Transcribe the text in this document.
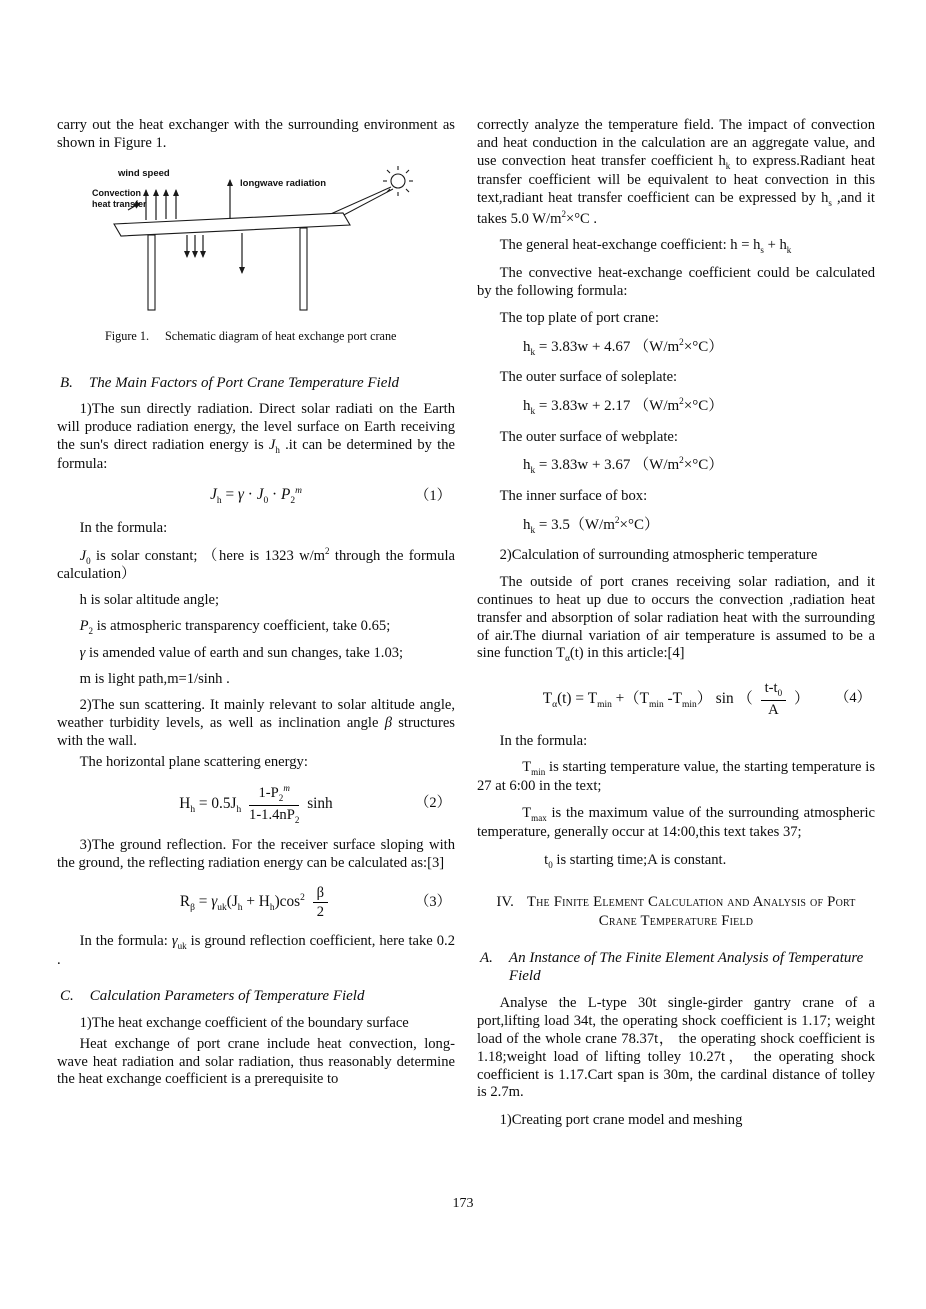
carry out the heat exchanger with the surrounding environment as shown in Figure 1.

wind speed
longwave radiation
Convection
heat transfer
Figure 1. Schematic diagram of heat exchange port crane
B. The Main Factors of Port Crane Temperature Field

1)The sun directly radiation. Direct solar radiati on the Earth will produce radiation energy, the level surface on Earth receiving the sun's direct radiation energy is $J_h$ .it can be determined by the formula:

$J_h = \gamma \cdot J_0 \cdot P_2^m$	（1）

In the formula:

$J_0$ is solar constant; （here is 1323 $w/m^2$ through the formula calculation）

h is solar altitude angle;

$P_2$ is atmospheric transparency coefficient, take 0.65;

γ is amended value of earth and sun changes, take 1.03;

m is light path,m=1/sinh .

2)The sun scattering. It mainly relevant to solar altitude angle, weather turbidity levels, as well as inclination angle β structures with the wall.

The horizontal plane scattering energy:

$H_h = 0.5J_h \frac{1-P_2^m}{1-1.4nP_2}$ sinh	（2）

3)The ground reflection. For the receiver surface sloping with the ground, the reflecting radiation energy can be calculated as:[3]

$R_\beta = \gamma_{uk}(J_h + H_h)\cos^2 \frac{\beta}{2}$	（3）

In the formula: $\gamma_{uk}$ is ground reflection coefficient, here take 0.2 .

C. Calculation Parameters of Temperature Field

1)The heat exchange coefficient of the boundary surface

Heat exchange of port crane include heat convection, long-wave heat radiation and solar radiation, thus reasonably determine the heat exchange coefficient is a prerequisite to

correctly analyze the temperature field. The impact of convection and heat conduction in the calculation are an aggregate value, and use convection heat transfer coefficient $h_k$ to express.Radiant heat transfer coefficient will be equivalent to heat convection in this text,radiant heat transfer coefficient can be expressed by $h_s$ ,and it takes 5.0 $W/m^2\times^\circ C$ .

The general heat-exchange coefficient: $h = h_s + h_k$

The convective heat-exchange coefficient could be calculated by the following formula:

The top plate of port crane:

$h_k = 3.83w + 4.67$ $(W/m^2\times^\circ C)$

The outer surface of soleplate:

$h_k = 3.83w + 2.17$ $(W/m^2\times^\circ C)$

The outer surface of webplate:

$h_k = 3.83w + 3.67$ $(W/m^2\times^\circ C)$

The inner surface of box:

$h_k = 3.5(W/m^2\times^\circ C)$

2)Calculation of surrounding atmospheric temperature

The outside of port cranes receiving solar radiation, and it continues to heat up due to occurs the convection ,radiation heat transfer and absorption of solar radiation heat with the surrounding of air.The diurnal variation of air temperature is assumed to be a sine function $T_\alpha(t)$ in this article:[4]

$T_\alpha(t) = T_{min} +(T_{min}$ $-T_{min}$） sin （ $\frac{t-t_0}{A}$ ） （4）

In the formula:

$T_{min}$ is starting temperature value, the starting temperature is 27 at 6:00 in the text;

$T_{max}$ is the maximum value of the surrounding atmospheric temperature, generally occur at 14:00,this text takes 37;

$t_0$ is starting time;A is constant.

IV. The Finite Element Calculation and Analysis of Port Crane Temperature Field
A. An Instance of The Finite Element Analysis of Temperature Field

Analyse the L-type 30t single-girder gantry crane of a port,lifting load 34t, the operating shock coefficient is 1.17; weight load of the whole crane 78.37t， the operating shock coefficient is 1.18;weight load of lifting tolley 10.27t， the operating shock coefficient is 1.17.Cart span is 30m, the cardinal distance of tolley is 2.7m.

1)Creating port crane model and meshing

173
